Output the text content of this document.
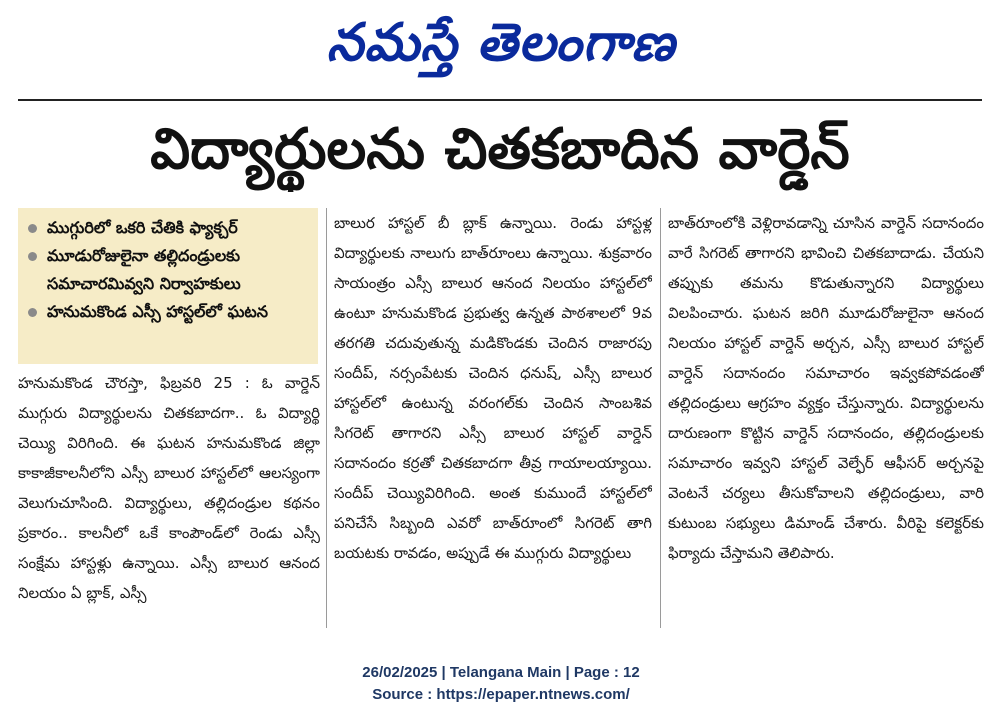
నమస్తే తెలంగాణ
విద్యార్థులను చితకబాదిన వార్డెన్
ముగ్గురిలో ఒకరి చేతికి ఫ్యాక్చర్
మూడురోజులైనా తల్లిదండ్రులకు సమాచారమివ్వని నిర్వాహకులు
హనుమకొండ ఎస్సీ హాస్టల్‌లో ఘటన
హనుమకొండ చౌరస్తా, ఫిబ్రవరి 25 : ఓ వార్డెన్ ముగ్గురు విద్యార్థులను చితకబాదగా.. ఓ విద్యార్థి చెయ్యి విరిగింది. ఈ ఘటన హనుమకొండ జిల్లా కాకాజీకాలనీలోని ఎస్సీ బాలుర హాస్టల్‌లో ఆలస్యంగా వెలుగుచూసింది. విద్యార్థులు, తల్లిదండ్రుల కథనం ప్రకారం.. కాలనీలో ఒకే కాంపౌండ్‌లో రెండు ఎస్సీ సంక్షేమ హాస్టళ్లు ఉన్నాయి. ఎస్సీ బాలుర ఆనంద నిలయం ఏ బ్లాక్, ఎస్సీ
బాలుర హాస్టల్ బీ బ్లాక్ ఉన్నాయి. రెండు హాస్టళ్ల విద్యార్థులకు నాలుగు బాత్‌రూంలు ఉన్నాయి. శుక్రవారం సాయంత్రం ఎస్సీ బాలుర ఆనంద నిలయం హాస్టల్‌లో ఉంటూ హనుమకొండ ప్రభుత్వ ఉన్నత పాఠశాలలో 9వ తరగతి చదువుతున్న మడికొండకు చెందిన రాజారపు సందీప్, నర్సంపేటకు చెందిన ధనుష్, ఎస్సీ బాలుర హాస్టల్‌లో ఉంటున్న వరంగల్‌కు చెందిన సాంబశివ సిగరెట్ తాగారని ఎస్సీ బాలుర హాస్టల్ వార్డెన్ సదానందం కర్రతో చితకబాదగా తీవ్ర గాయాలయ్యాయి. సందీప్ చెయ్యివిరిగింది. అంత కుముందే హాస్టల్‌లో పనిచేసే సిబ్బంది ఎవరో బాత్‌రూంలో సిగరెట్ తాగి బయటకు రావడం, అప్పుడే ఈ ముగ్గురు విద్యార్థులు
బాత్‌రూంలోకి వెళ్లిరావడాన్ని చూసిన వార్డెన్ సదానందం వారే సిగరెట్ తాగారని భావించి చితకబాదాడు. చేయని తప్పుకు తమను కొడుతున్నారని విద్యార్థులు విలపించారు. ఘటన జరిగి మూడురోజులైనా ఆనంద నిలయం హాస్టల్ వార్డెన్ అర్చన, ఎస్సీ బాలుర హాస్టల్ వార్డెన్ సదానందం సమాచారం ఇవ్వకపోవడంతో తల్లిదండ్రులు ఆగ్రహం వ్యక్తం చేస్తున్నారు. విద్యార్థులను దారుణంగా కొట్టిన వార్డెన్ సదానందం, తల్లిదండ్రులకు సమాచారం ఇవ్వని హాస్టల్ వెల్ఫేర్ ఆఫీసర్ అర్చనపై వెంటనే చర్యలు తీసుకోవాలని తల్లిదండ్రులు, వారి కుటుంబ సభ్యులు డిమాండ్ చేశారు. వీరిపై కలెక్టర్‌కు ఫిర్యాదు చేస్తామని తెలిపారు.
26/02/2025 | Telangana Main | Page : 12
Source : https://epaper.ntnews.com/
